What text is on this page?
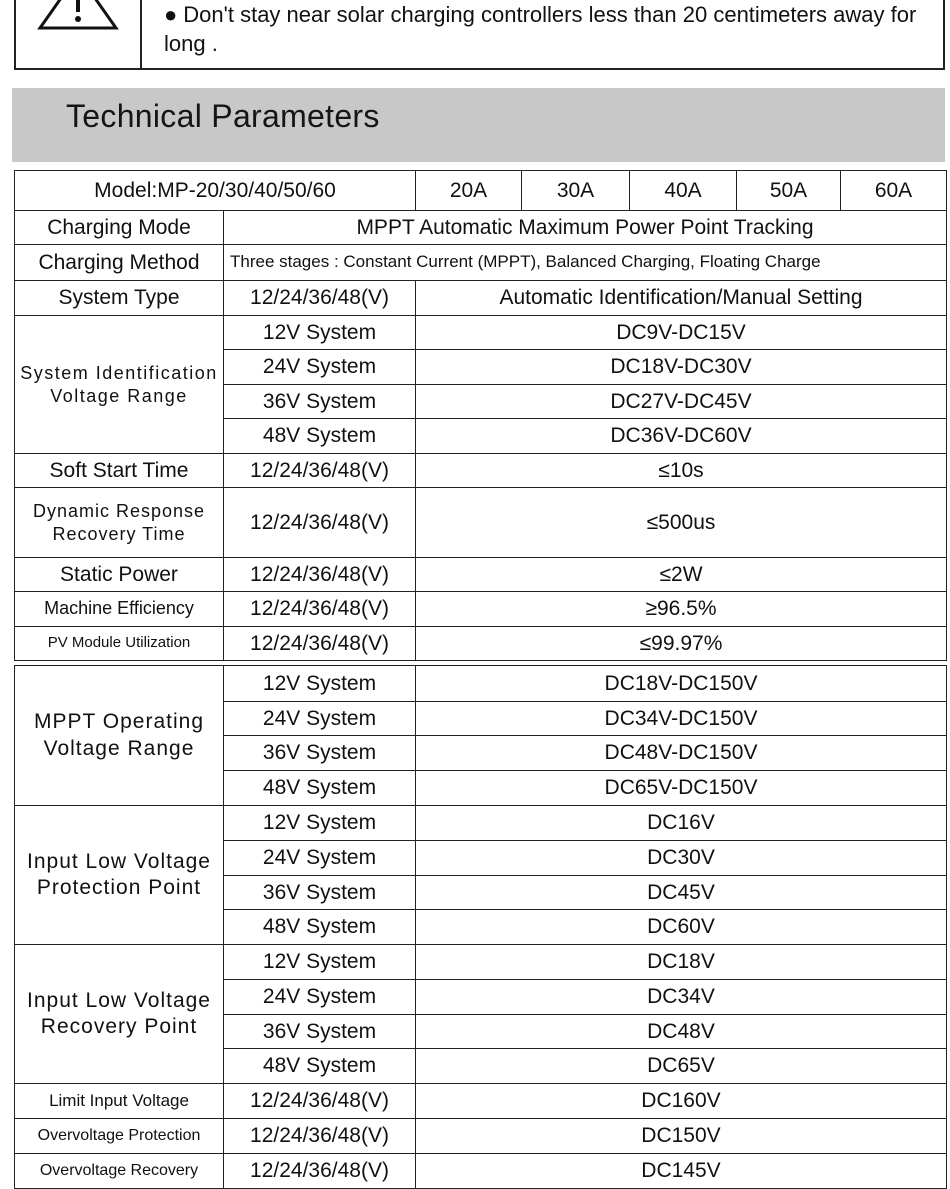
● Don't stay near solar charging controllers less than 20 centimeters away for long .
Technical Parameters
Model:MP-20/30/40/50/60		20A	30A	40A	50A	60A
Charging Mode	MPPT Automatic Maximum Power Point Tracking					
Charging Method	Three stages : Constant Current (MPPT), Balanced Charging, Floating Charge					
System Type	12/24/36/48(V)	Automatic Identification/Manual Setting				
System Identification Voltage Range	12V System	DC9V-DC15V				
	24V System	DC18V-DC30V				
	36V System	DC27V-DC45V				
	48V System	DC36V-DC60V				
Soft Start Time	12/24/36/48(V)	≤10s				
Dynamic Response Recovery Time	12/24/36/48(V)	≤500us				
Static Power	12/24/36/48(V)	≤2W				
Machine Efficiency	12/24/36/48(V)	≥96.5%				
PV Module Utilization	12/24/36/48(V)	≤99.97%				

MPPT Operating Voltage Range	12V System	DC18V-DC150V				
	24V System	DC34V-DC150V				
	36V System	DC48V-DC150V				
	48V System	DC65V-DC150V				
Input Low Voltage Protection Point	12V System	DC16V				
	24V System	DC30V				
	36V System	DC45V				
	48V System	DC60V				
Input Low Voltage Recovery Point	12V System	DC18V				
	24V System	DC34V				
	36V System	DC48V				
	48V System	DC65V				
Limit Input Voltage	12/24/36/48(V)	DC160V				
Overvoltage Protection	12/24/36/48(V)	DC150V				
Overvoltage Recovery	12/24/36/48(V)	DC145V				
